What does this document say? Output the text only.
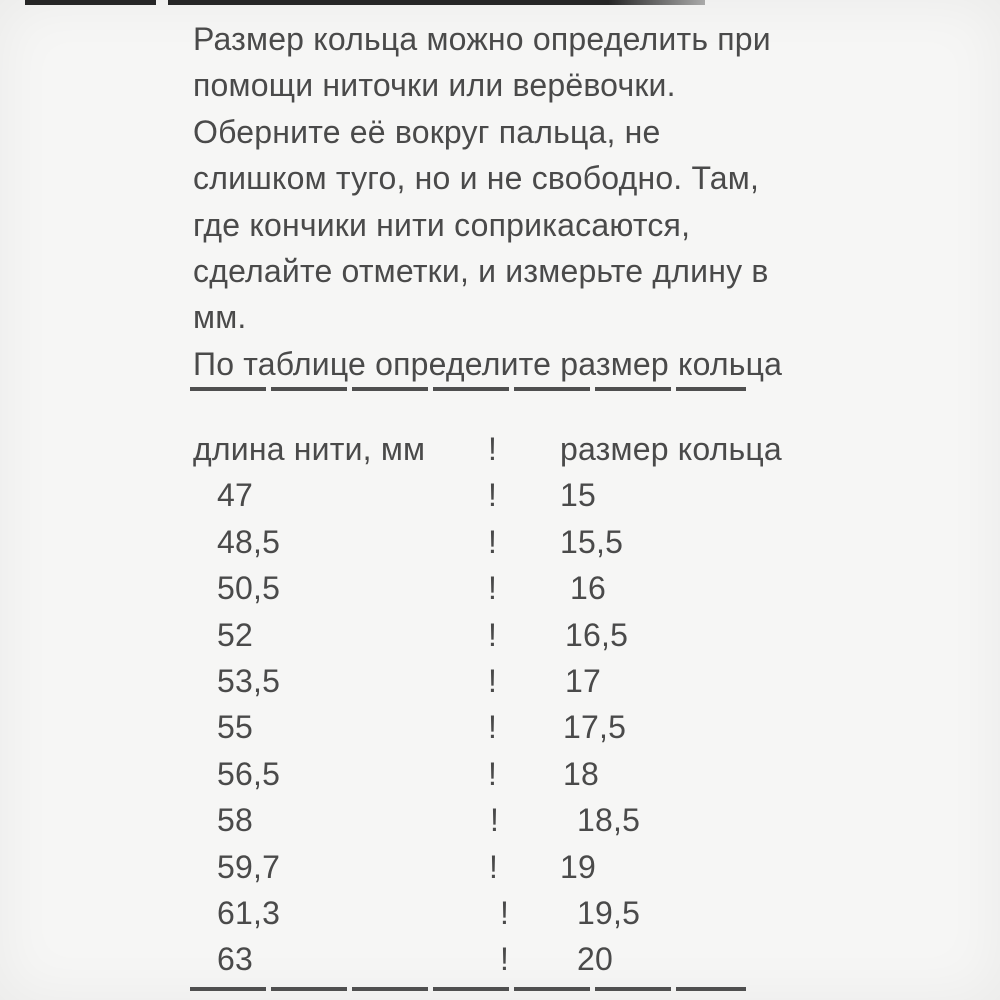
Размер кольца можно определить при
помощи ниточки или верёвочки.
Оберните её вокруг пальца, не
слишком туго, но и не свободно. Там,
где кончики нити соприкасаются,
сделайте отметки, и измерьте длину в
мм.
По таблице определите размер кольца
длина нити, мм ! размер кольца
47	! 15
48,5	! 15,5
50,5	! 16
52	! 16,5
53,5	! 17
55	! 17,5
56,5	! 18
58	! 18,5
59,7	! 19
61,3	! 19,5
63	! 20
